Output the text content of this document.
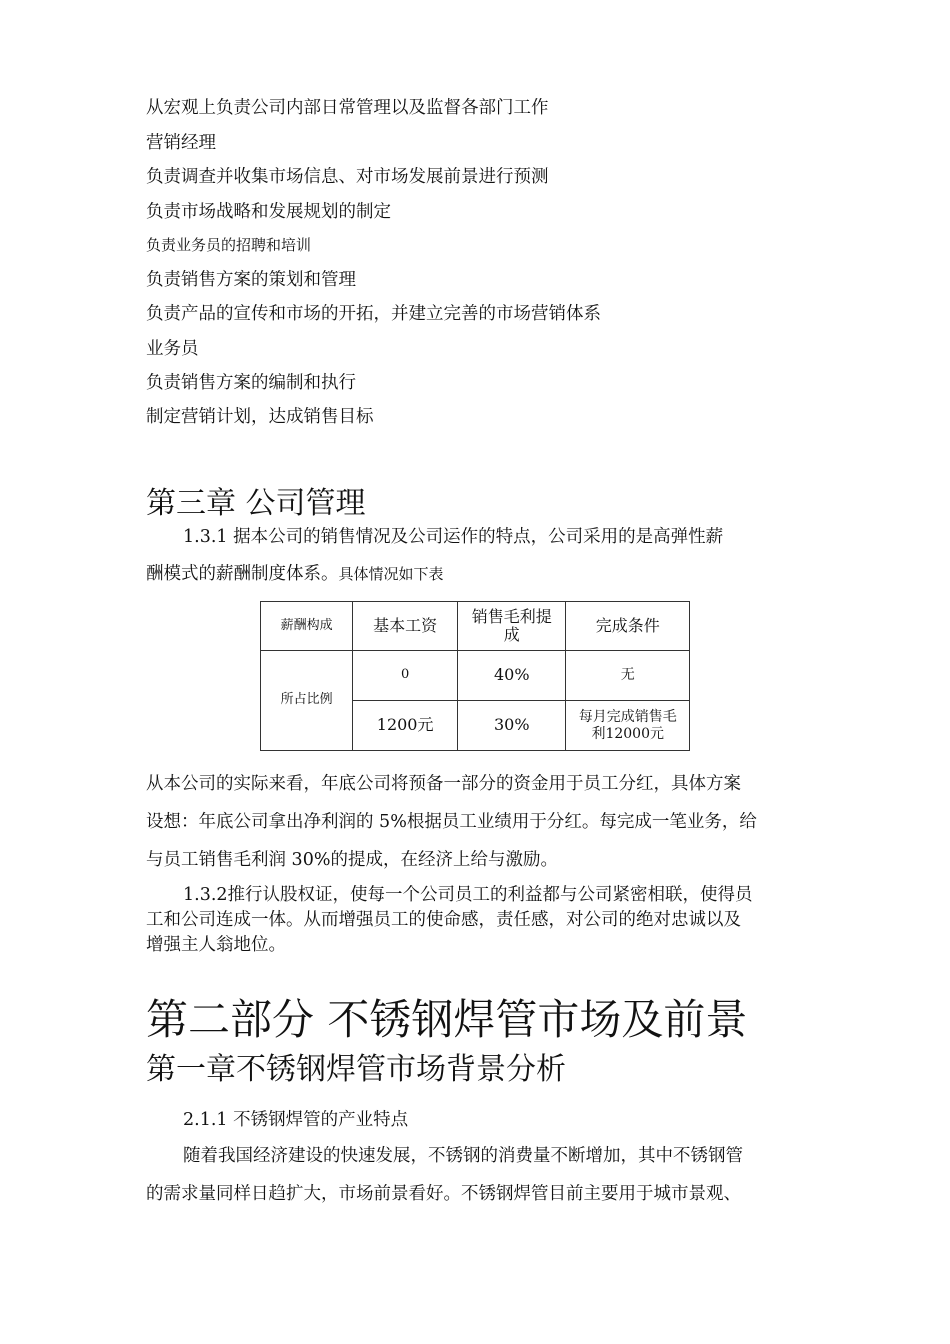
从宏观上负责公司内部日常管理以及监督各部门工作
营销经理
负责调查并收集市场信息、对市场发展前景进行预测
负责市场战略和发展规划的制定
负责业务员的招聘和培训
负责销售方案的策划和管理
负责产品的宣传和市场的开拓，并建立完善的市场营销体系
业务员
负责销售方案的编制和执行
制定营销计划，达成销售目标
第三章 公司管理
1.3.1 据本公司的销售情况及公司运作的特点，公司采用的是高弹性薪
酬模式的薪酬制度体系。具体情况如下表
薪酬构成	基本工资	销售毛利提成	完成条件
所占比例	0	40%	无
	1200元	30%	每月完成销售毛利12000元
从本公司的实际来看，年底公司将预备一部分的资金用于员工分红，具体方案
设想：年底公司拿出净利润的 5%根据员工业绩用于分红。每完成一笔业务，给
与员工销售毛利润 30%的提成，在经济上给与激励。
1.3.2推行认股权证，使每一个公司员工的利益都与公司紧密相联，使得员
工和公司连成一体。从而增强员工的使命感，责任感，对公司的绝对忠诚以及
增强主人翁地位。
第二部分 不锈钢焊管市场及前景
第一章不锈钢焊管市场背景分析
2.1.1 不锈钢焊管的产业特点
随着我国经济建设的快速发展，不锈钢的消费量不断增加，其中不锈钢管
的需求量同样日趋扩大，市场前景看好。不锈钢焊管目前主要用于城市景观、
